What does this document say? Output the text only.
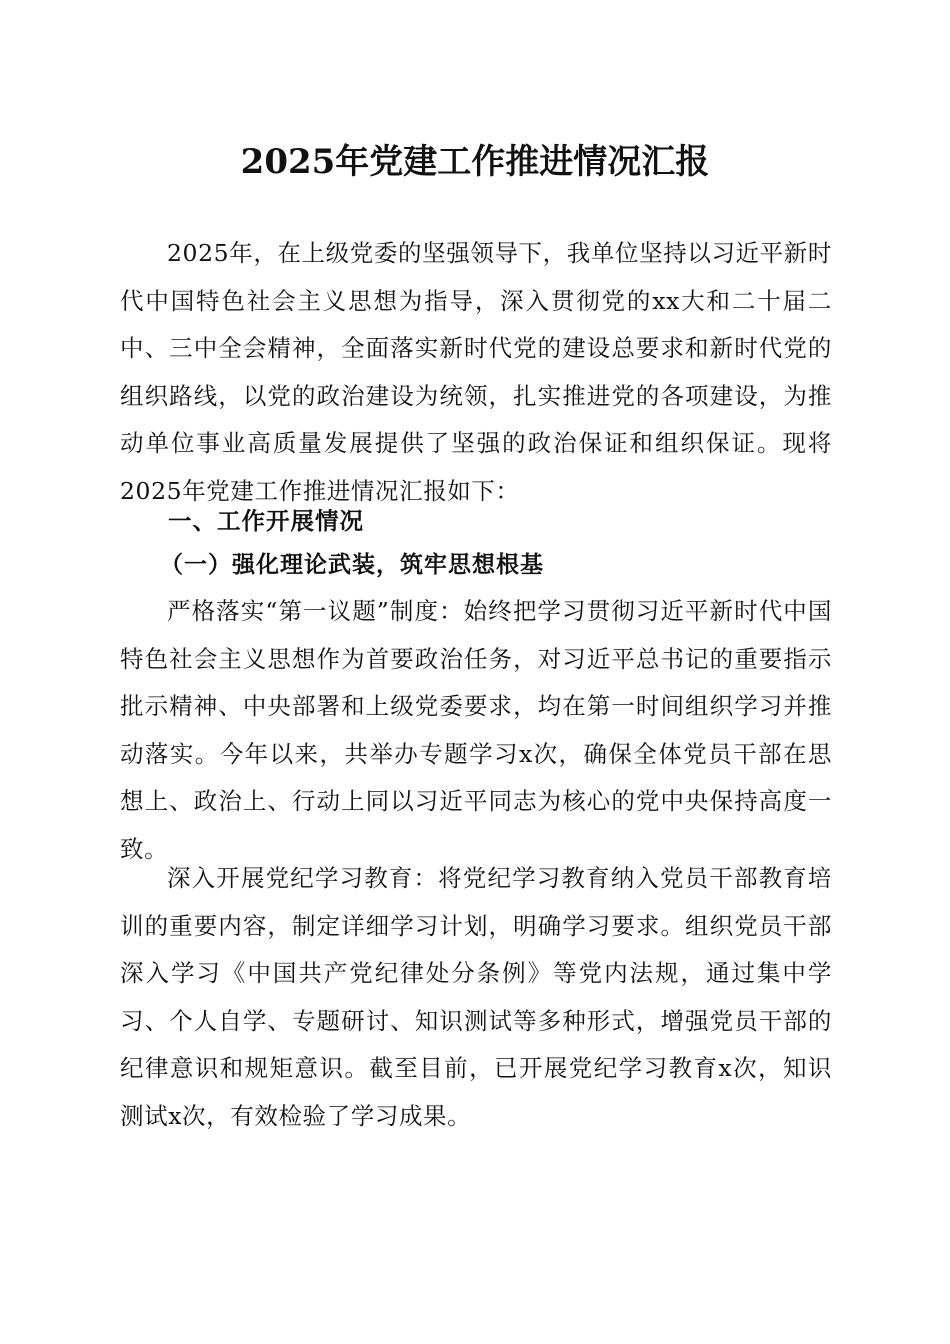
2025年党建工作推进情况汇报

2025年，在上级党委的坚强领导下，我单位坚持以习近平新时代中国特色社会主义思想为指导，深入贯彻党的xx大和二十届二中、三中全会精神，全面落实新时代党的建设总要求和新时代党的组织路线，以党的政治建设为统领，扎实推进党的各项建设，为推动单位事业高质量发展提供了坚强的政治保证和组织保证。现将2025年党建工作推进情况汇报如下：

一、工作开展情况
（一）强化理论武装，筑牢思想根基

严格落实“第一议题”制度：始终把学习贯彻习近平新时代中国特色社会主义思想作为首要政治任务，对习近平总书记的重要指示批示精神、中央部署和上级党委要求，均在第一时间组织学习并推动落实。今年以来，共举办专题学习x次，确保全体党员干部在思想上、政治上、行动上同以习近平同志为核心的党中央保持高度一致。

深入开展党纪学习教育：将党纪学习教育纳入党员干部教育培训的重要内容，制定详细学习计划，明确学习要求。组织党员干部深入学习《中国共产党纪律处分条例》等党内法规，通过集中学习、个人自学、专题研讨、知识测试等多种形式，增强党员干部的纪律意识和规矩意识。截至目前，已开展党纪学习教育x次，知识测试x次，有效检验了学习成果。
